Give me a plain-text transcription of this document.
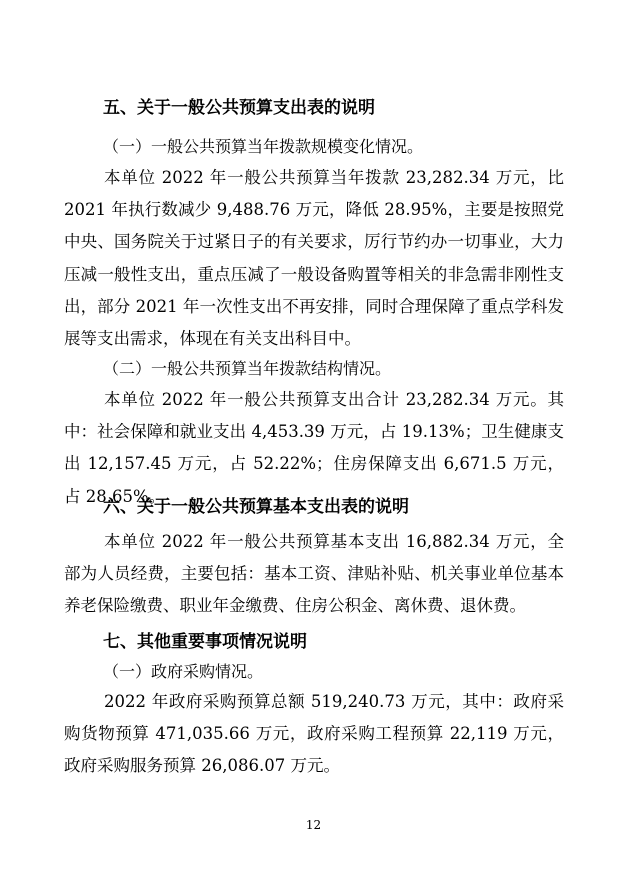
五、关于一般公共预算支出表的说明
（一）一般公共预算当年拨款规模变化情况。
本单位 2022 年一般公共预算当年拨款 23,282.34 万元，比 2021 年执行数减少 9,488.76 万元，降低 28.95%，主要是按照党中央、国务院关于过紧日子的有关要求，厉行节约办一切事业，大力压减一般性支出，重点压减了一般设备购置等相关的非急需非刚性支出，部分 2021 年一次性支出不再安排，同时合理保障了重点学科发展等支出需求，体现在有关支出科目中。
（二）一般公共预算当年拨款结构情况。
本单位 2022 年一般公共预算支出合计 23,282.34 万元。其中：社会保障和就业支出 4,453.39 万元，占 19.13%；卫生健康支出 12,157.45 万元，占 52.22%；住房保障支出 6,671.5 万元，占 28.65%。
六、关于一般公共预算基本支出表的说明
本单位 2022 年一般公共预算基本支出 16,882.34 万元，全部为人员经费，主要包括：基本工资、津贴补贴、机关事业单位基本养老保险缴费、职业年金缴费、住房公积金、离休费、退休费。
七、其他重要事项情况说明
（一）政府采购情况。
2022 年政府采购预算总额 519,240.73 万元，其中：政府采购货物预算 471,035.66 万元，政府采购工程预算 22,119 万元，政府采购服务预算 26,086.07 万元。
12
